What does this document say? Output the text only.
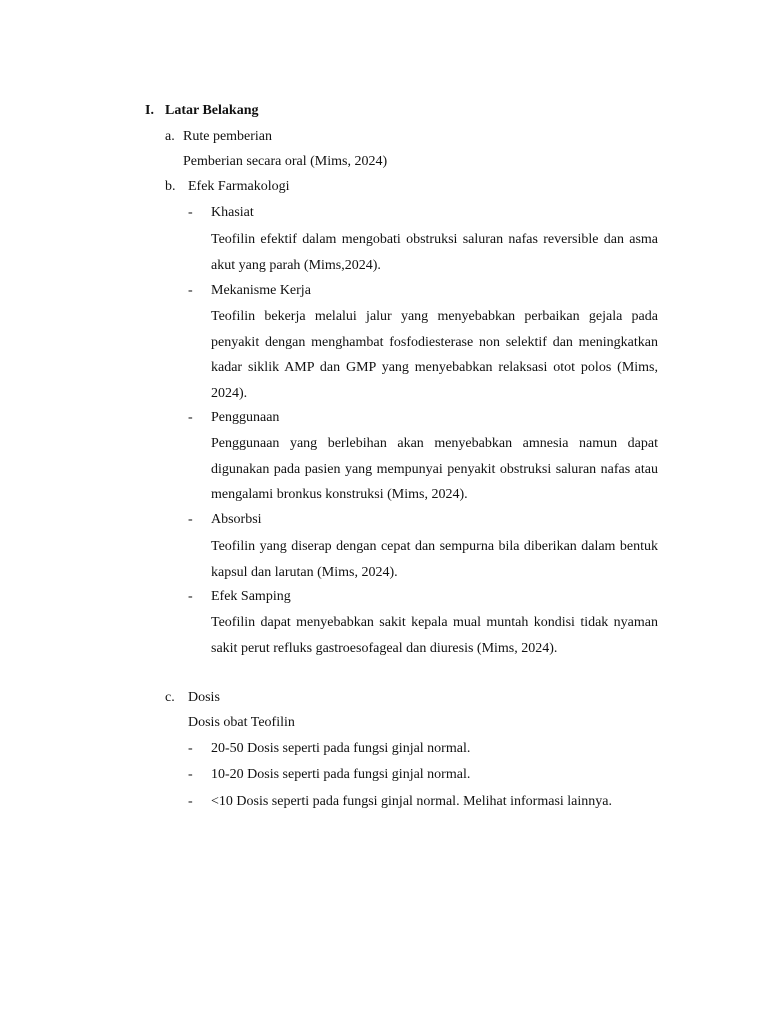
I. Latar Belakang
a. Rute pemberian
Pemberian secara oral (Mims, 2024)
b. Efek Farmakologi
- Khasiat
Teofilin efektif dalam mengobati obstruksi saluran nafas reversible dan asma akut yang parah (Mims,2024).
- Mekanisme Kerja
Teofilin bekerja melalui jalur yang menyebabkan perbaikan gejala pada penyakit dengan menghambat fosfodiesterase non selektif dan meningkatkan kadar siklik AMP dan GMP yang menyebabkan relaksasi otot polos (Mims, 2024).
- Penggunaan
Penggunaan yang berlebihan akan menyebabkan amnesia namun dapat digunakan pada pasien yang mempunyai penyakit obstruksi saluran nafas atau mengalami bronkus konstruksi (Mims, 2024).
- Absorbsi
Teofilin yang diserap dengan cepat dan sempurna bila diberikan dalam bentuk kapsul dan larutan (Mims, 2024).
- Efek Samping
Teofilin dapat menyebabkan sakit kepala mual muntah kondisi tidak nyaman sakit perut refluks gastroesofageal dan diuresis (Mims, 2024).
c. Dosis
Dosis obat Teofilin
- 20-50 Dosis seperti pada fungsi ginjal normal.
- 10-20 Dosis seperti pada fungsi ginjal normal.
- <10 Dosis seperti pada fungsi ginjal normal. Melihat informasi lainnya.
